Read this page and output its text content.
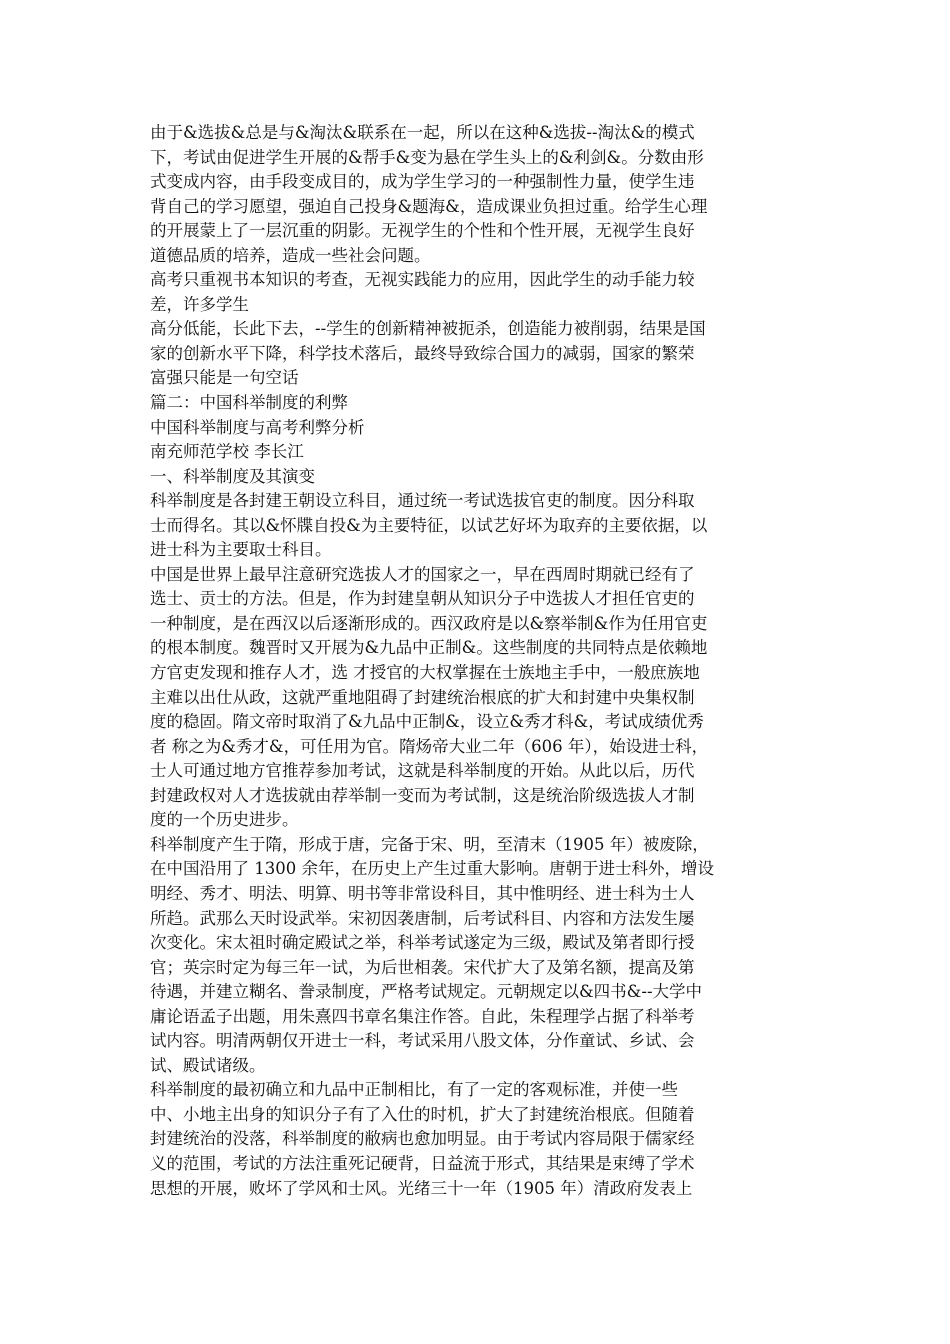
由于&选拔&总是与&淘汰&联系在一起，所以在这种&选拔--淘汰&的模式
下，考试由促进学生开展的&帮手&变为悬在学生头上的&利剑&。分数由形
式变成内容，由手段变成目的，成为学生学习的一种强制性力量，使学生违
背自己的学习愿望，强迫自己投身&题海&，造成课业负担过重。给学生心理
的开展蒙上了一层沉重的阴影。无视学生的个性和个性开展，无视学生良好
道德品质的培养，造成一些社会问题。
高考只重视书本知识的考查，无视实践能力的应用，因此学生的动手能力较
差，许多学生
高分低能，长此下去，--学生的创新精神被扼杀，创造能力被削弱，结果是国
家的创新水平下降，科学技术落后，最终导致综合国力的减弱，国家的繁荣
富强只能是一句空话
篇二：中国科举制度的利弊
中国科举制度与高考利弊分析
南充师范学校 李长江
一、科举制度及其演变
科举制度是各封建王朝设立科目，通过统一考试选拔官吏的制度。因分科取
士而得名。其以&怀牒自投&为主要特征，以试艺好坏为取弃的主要依据，以
进士科为主要取士科目。
中国是世界上最早注意研究选拔人才的国家之一，早在西周时期就已经有了
选士、贡士的方法。但是，作为封建皇朝从知识分子中选拔人才担任官吏的
一种制度，是在西汉以后逐渐形成的。西汉政府是以&察举制&作为任用官吏
的根本制度。魏晋时又开展为&九品中正制&。这些制度的共同特点是依赖地
方官吏发现和推存人才，选 才授官的大权掌握在士族地主手中，一般庶族地
主难以出仕从政，这就严重地阻碍了封建统治根底的扩大和封建中央集权制
度的稳固。隋文帝时取消了&九品中正制&，设立&秀才科&，考试成绩优秀
者 称之为&秀才&，可任用为官。隋炀帝大业二年（606 年），始设进士科，
士人可通过地方官推荐参加考试，这就是科举制度的开始。从此以后，历代
封建政权对人才选拔就由荐举制一变而为考试制，这是统治阶级选拔人才制
度的一个历史进步。
科举制度产生于隋，形成于唐，完备于宋、明，至清末（1905 年）被废除，
在中国沿用了 1300 余年，在历史上产生过重大影响。唐朝于进士科外，增设
明经、秀才、明法、明算、明书等非常设科目，其中惟明经、进士科为士人
所趋。武那么天时设武举。宋初因袭唐制，后考试科目、内容和方法发生屡
次变化。宋太祖时确定殿试之举，科举考试遂定为三级，殿试及第者即行授
官；英宗时定为每三年一试，为后世相袭。宋代扩大了及第名额，提高及第
待遇，并建立糊名、誊录制度，严格考试规定。元朝规定以&四书&--大学中
庸论语孟子出题，用朱熹四书章名集注作答。自此，朱程理学占据了科举考
试内容。明清两朝仅开进士一科，考试采用八股文体，分作童试、乡试、会
试、殿试诸级。
科举制度的最初确立和九品中正制相比，有了一定的客观标准，并使一些
中、小地主出身的知识分子有了入仕的时机，扩大了封建统治根底。但随着
封建统治的没落，科举制度的敝病也愈加明显。由于考试内容局限于儒家经
义的范围，考试的方法注重死记硬背，日益流于形式，其结果是束缚了学术
思想的开展，败坏了学风和士风。光绪三十一年（1905 年）清政府发表上
